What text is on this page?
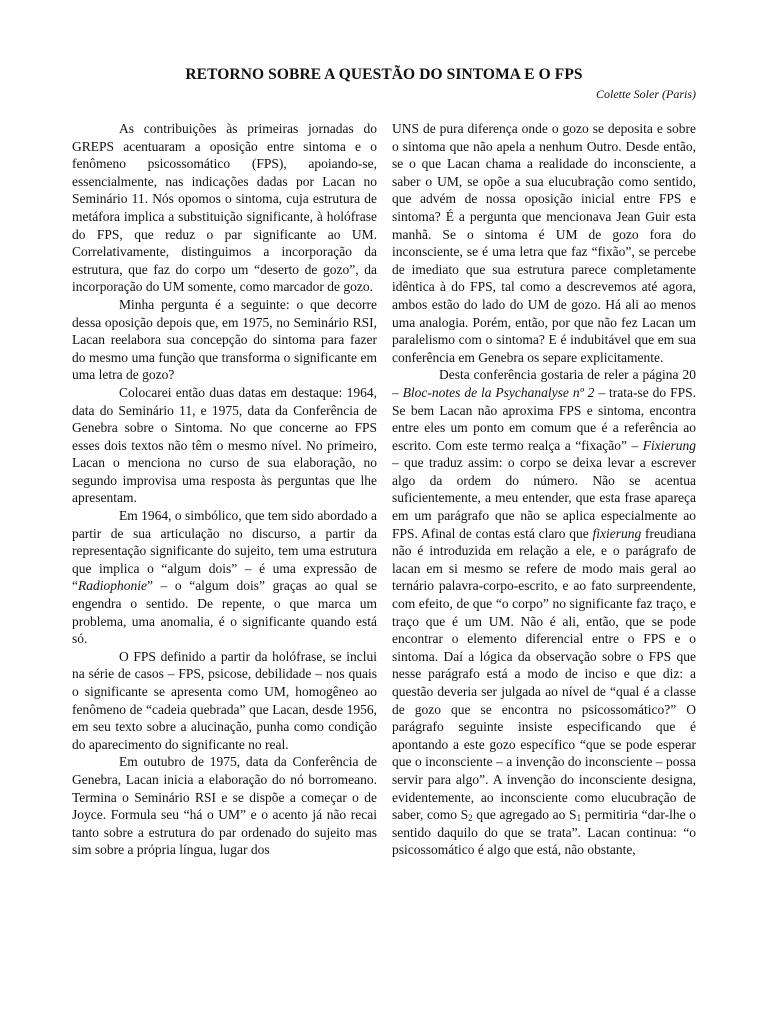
RETORNO SOBRE A QUESTÃO DO SINTOMA E O FPS

Colette Soler (Paris)

As contribuições às primeiras jornadas do GREPS acentuaram a oposição entre sintoma e o fenômeno psicossomático (FPS), apoiando-se, essencialmente, nas indicações dadas por Lacan no Seminário 11. Nós opomos o sintoma, cuja estrutura de metáfora implica a substituição significante, à holófrase do FPS, que reduz o par significante ao UM. Correlativamente, distinguimos a incorporação da estrutura, que faz do corpo um “deserto de gozo”, da incorporação do UM somente, como marcador de gozo.

Minha pergunta é a seguinte: o que decorre dessa oposição depois que, em 1975, no Seminário RSI, Lacan reelabora sua concepção do sintoma para fazer do mesmo uma função que transforma o significante em uma letra de gozo?

Colocarei então duas datas em destaque: 1964, data do Seminário 11, e 1975, data da Conferência de Genebra sobre o Sintoma. No que concerne ao FPS esses dois textos não têm o mesmo nível. No primeiro, Lacan o menciona no curso de sua elaboração, no segundo improvisa uma resposta às perguntas que lhe apresentam.

Em 1964, o simbólico, que tem sido abordado a partir de sua articulação no discurso, a partir da representação significante do sujeito, tem uma estrutura que implica o “algum dois” – é uma expressão de “Radiophonie” – o “algum dois” graças ao qual se engendra o sentido. De repente, o que marca um problema, uma anomalia, é o significante quando está só.

O FPS definido a partir da holófrase, se inclui na série de casos – FPS, psicose, debilidade – nos quais o significante se apresenta como UM, homogêneo ao fenômeno de “cadeia quebrada” que Lacan, desde 1956, em seu texto sobre a alucinação, punha como condição do aparecimento do significante no real.

Em outubro de 1975, data da Conferência de Genebra, Lacan inicia a elaboração do nó borromeano. Termina o Seminário RSI e se dispõe a começar o de Joyce. Formula seu “há o UM” e o acento já não recai tanto sobre a estrutura do par ordenado do sujeito mas sim sobre a própria língua, lugar dos

UNS de pura diferença onde o gozo se deposita e sobre o sintoma que não apela a nenhum Outro. Desde então, se o que Lacan chama a realidade do inconsciente, a saber o UM, se opõe a sua elucubração como sentido, que advém de nossa oposição inicial entre FPS e sintoma? É a pergunta que mencionava Jean Guir esta manhã. Se o sintoma é UM de gozo fora do inconsciente, se é uma letra que faz “fixão”, se percebe de imediato que sua estrutura parece completamente idêntica à do FPS, tal como a descrevemos até agora, ambos estão do lado do UM de gozo. Há ali ao menos uma analogia. Porém, então, por que não fez Lacan um paralelismo com o sintoma? E é indubitável que em sua conferência em Genebra os separe explicitamente.

Desta conferência gostaria de reler a página 20 – Bloc-notes de la Psychanalyse nº 2 – trata-se do FPS. Se bem Lacan não aproxima FPS e sintoma, encontra entre eles um ponto em comum que é a referência ao escrito. Com este termo realça a “fixação” – Fixierung – que traduz assim: o corpo se deixa levar a escrever algo da ordem do número. Não se acentua suficientemente, a meu entender, que esta frase apareça em um parágrafo que não se aplica especialmente ao FPS. Afinal de contas está claro que fixierung freudiana não é introduzida em relação a ele, e o parágrafo de lacan em si mesmo se refere de modo mais geral ao ternário palavra-corpo-escrito, e ao fato surpreendente, com efeito, de que “o corpo” no significante faz traço, e traço que é um UM. Não é ali, então, que se pode encontrar o elemento diferencial entre o FPS e o sintoma. Daí a lógica da observação sobre o FPS que nesse parágrafo está a modo de inciso e que diz: a questão deveria ser julgada ao nível de “qual é a classe de gozo que se encontra no psicossomático?” O parágrafo seguinte insiste especificando que é apontando a este gozo específico “que se pode esperar que o inconsciente – a invenção do inconsciente – possa servir para algo”. A invenção do inconsciente designa, evidentemente, ao inconsciente como elucubração de saber, como $S_2$ que agregado ao $S_1$ permitiria “dar-lhe o sentido daquilo do que se trata”. Lacan continua: “o psicossomático é algo que está, não obstante,
